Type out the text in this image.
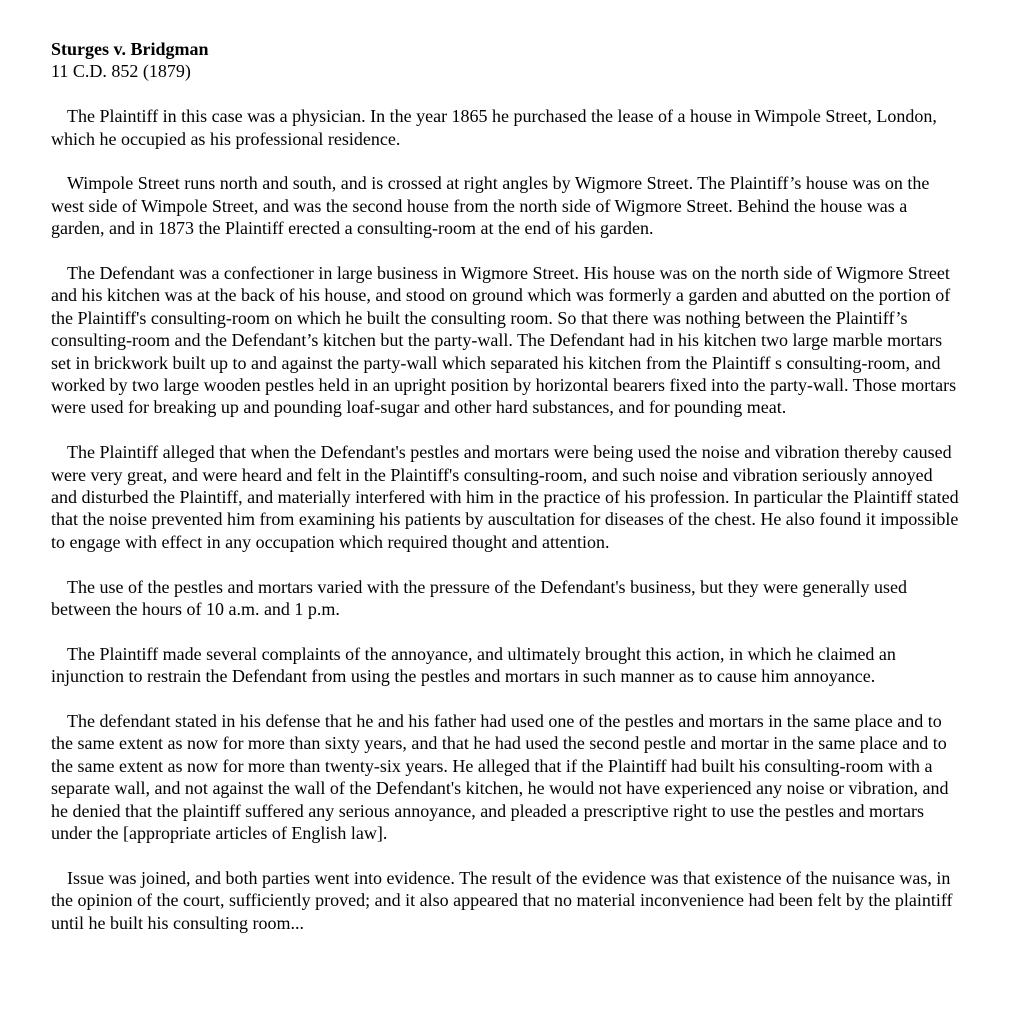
Sturges v. Bridgman

11 C.D. 852 (1879)

The Plaintiff in this case was a physician. In the year 1865 he purchased the lease of a house in Wimpole Street, London, which he occupied as his professional residence.

Wimpole Street runs north and south, and is crossed at right angles by Wigmore Street. The Plaintiff’s house was on the west side of Wimpole Street, and was the second house from the north side of Wigmore Street. Behind the house was a garden, and in 1873 the Plaintiff erected a consulting-room at the end of his garden.

The Defendant was a confectioner in large business in Wigmore Street. His house was on the north side of Wigmore Street and his kitchen was at the back of his house, and stood on ground which was formerly a garden and abutted on the portion of the Plaintiff's consulting-room on which he built the consulting room. So that there was nothing between the Plaintiff’s consulting-room and the Defendant’s kitchen but the party-wall. The Defendant had in his kitchen two large marble mortars set in brickwork built up to and against the party-wall which separated his kitchen from the Plaintiff s consulting-room, and worked by two large wooden pestles held in an upright position by horizontal bearers fixed into the party-wall. Those mortars were used for breaking up and pounding loaf-sugar and other hard substances, and for pounding meat.

The Plaintiff alleged that when the Defendant's pestles and mortars were being used the noise and vibration thereby caused were very great, and were heard and felt in the Plaintiff's consulting-room, and such noise and vibration seriously annoyed and disturbed the Plaintiff, and materially interfered with him in the practice of his profession. In particular the Plaintiff stated that the noise prevented him from examining his patients by auscultation for diseases of the chest. He also found it impossible to engage with effect in any occupation which required thought and attention.

The use of the pestles and mortars varied with the pressure of the Defendant's business, but they were generally used between the hours of 10 a.m. and 1 p.m.

The Plaintiff made several complaints of the annoyance, and ultimately brought this action, in which he claimed an injunction to restrain the Defendant from using the pestles and mortars in such manner as to cause him annoyance.

The defendant stated in his defense that he and his father had used one of the pestles and mortars in the same place and to the same extent as now for more than sixty years, and that he had used the second pestle and mortar in the same place and to the same extent as now for more than twenty-six years. He alleged that if the Plaintiff had built his consulting-room with a separate wall, and not against the wall of the Defendant's kitchen, he would not have experienced any noise or vibration, and he denied that the plaintiff suffered any serious annoyance, and pleaded a prescriptive right to use the pestles and mortars under the [appropriate articles of English law].

Issue was joined, and both parties went into evidence. The result of the evidence was that existence of the nuisance was, in the opinion of the court, sufficiently proved; and it also appeared that no material inconvenience had been felt by the plaintiff until he built his consulting room...
